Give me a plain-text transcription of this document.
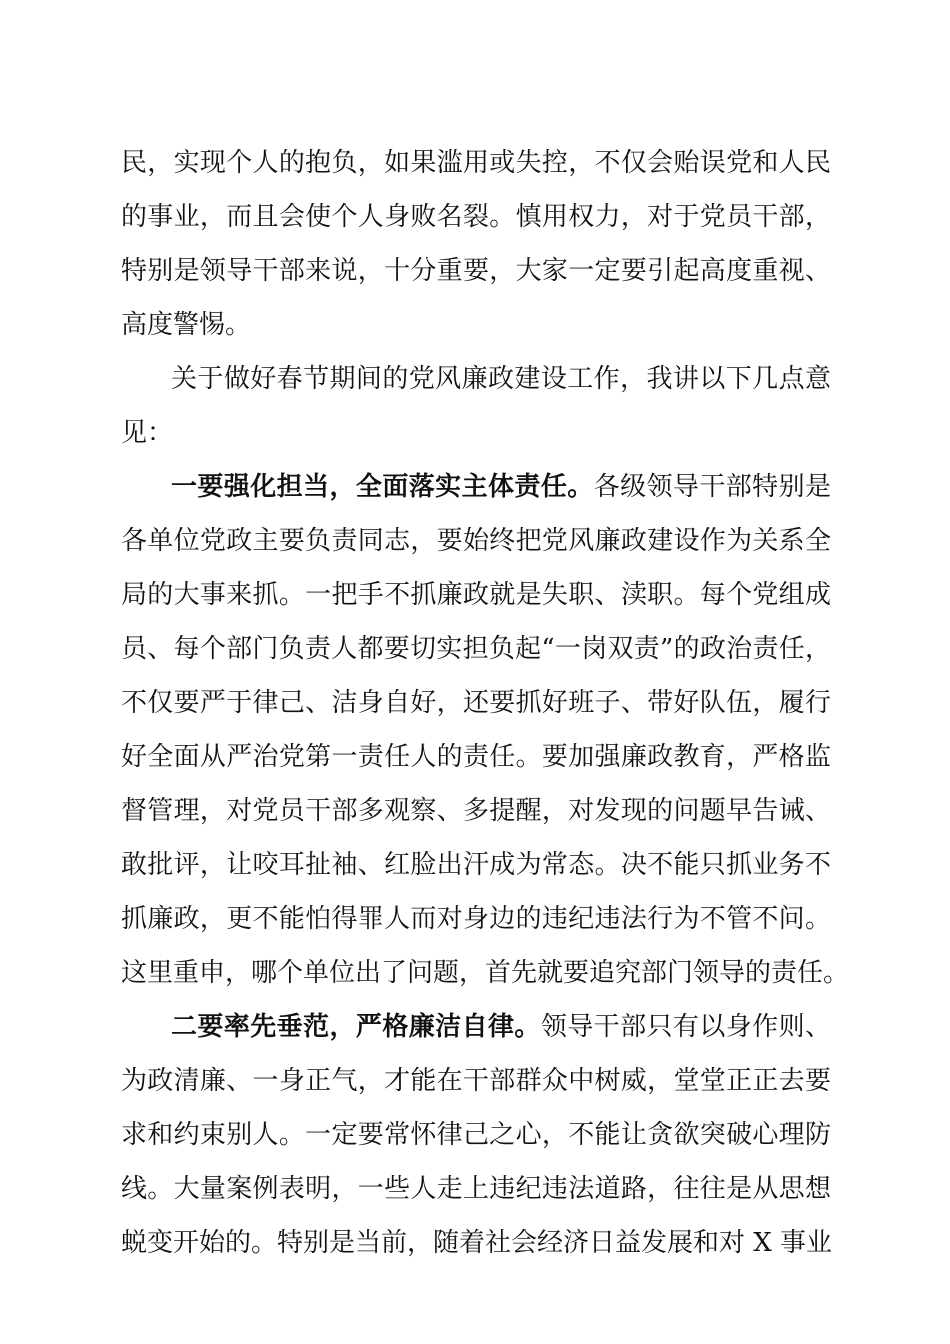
民，实现个人的抱负，如果滥用或失控，不仅会贻误党和人民
的事业，而且会使个人身败名裂。慎用权力，对于党员干部，
特别是领导干部来说，十分重要，大家一定要引起高度重视、
高度警惕。
关于做好春节期间的党风廉政建设工作，我讲以下几点意
见：
一要强化担当，全面落实主体责任。各级领导干部特别是
各单位党政主要负责同志，要始终把党风廉政建设作为关系全
局的大事来抓。一把手不抓廉政就是失职、渎职。每个党组成
员、每个部门负责人都要切实担负起“一岗双责”的政治责任，
不仅要严于律己、洁身自好，还要抓好班子、带好队伍，履行
好全面从严治党第一责任人的责任。要加强廉政教育，严格监
督管理，对党员干部多观察、多提醒，对发现的问题早告诫、
敢批评，让咬耳扯袖、红脸出汗成为常态。决不能只抓业务不
抓廉政，更不能怕得罪人而对身边的违纪违法行为不管不问。
这里重申，哪个单位出了问题，首先就要追究部门领导的责任。
二要率先垂范，严格廉洁自律。领导干部只有以身作则、
为政清廉、一身正气，才能在干部群众中树威，堂堂正正去要
求和约束别人。一定要常怀律己之心，不能让贪欲突破心理防
线。大量案例表明，一些人走上违纪违法道路，往往是从思想
蜕变开始的。特别是当前，随着社会经济日益发展和对 X 事业
